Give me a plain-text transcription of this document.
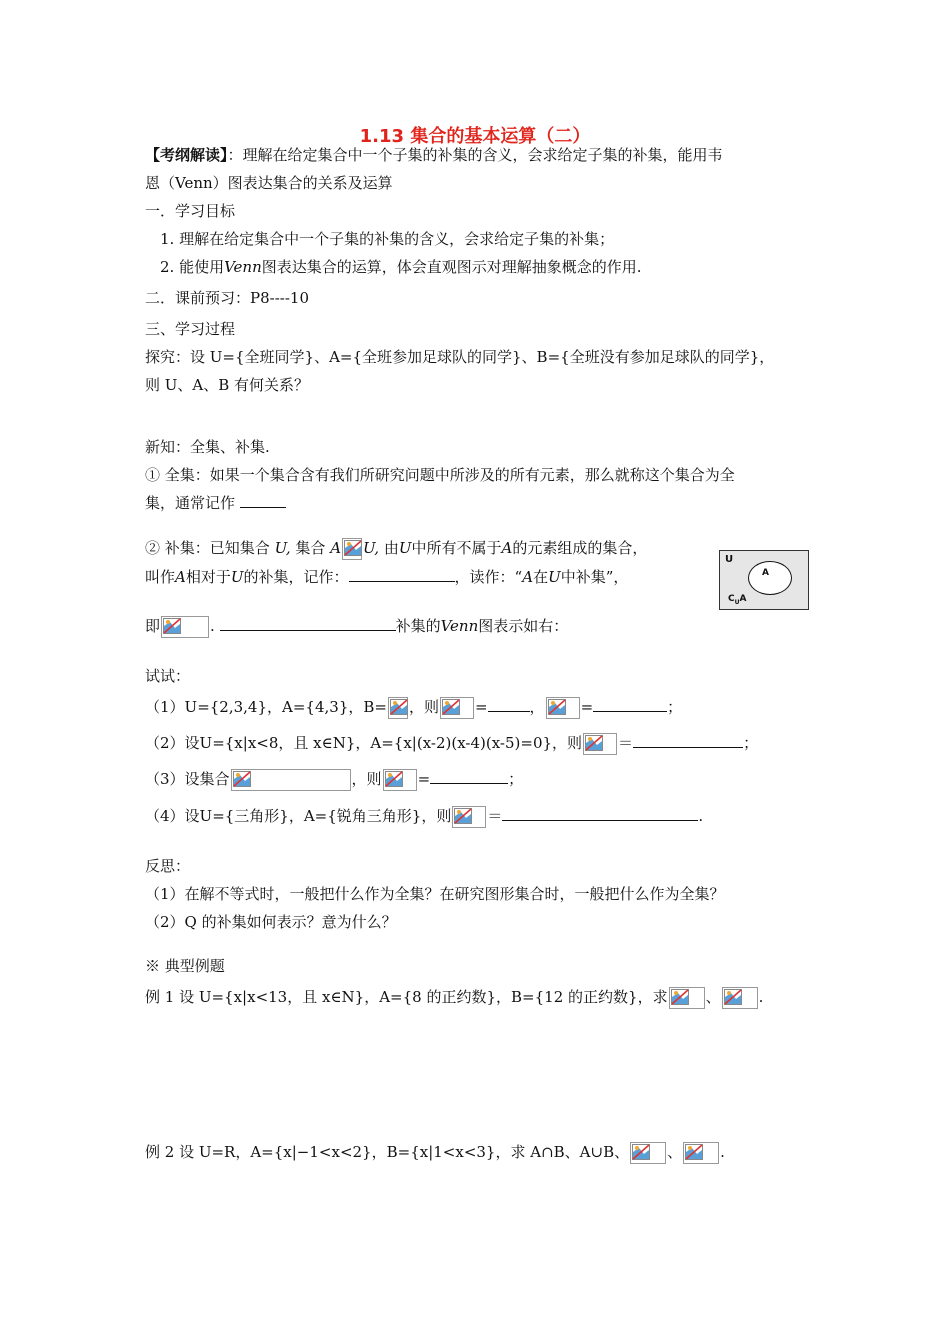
1.13 集合的基本运算（二）
【考纲解读】：理解在给定集合中一个子集的补集的含义，会求给定子集的补集，能用韦
恩（Venn）图表达集合的关系及运算
一．学习目标
1. 理解在给定集合中一个子集的补集的含义，会求给定子集的补集；
2. 能使用Venn图表达集合的运算，体会直观图示对理解抽象概念的作用.
二．课前预习：P8----10
三、学习过程
探究：设 U={全班同学}、A={全班参加足球队的同学}、B={全班没有参加足球队的同学}，
则 U、A、B 有何关系？
新知：全集、补集.
① 全集：如果一个集合含有我们所研究问题中所涉及的所有元素，那么就称这个集合为全
集，通常记作
② 补集：已知集合 U, 集合 A U, 由U中所有不属于A的元素组成的集合，
叫作A相对于U的补集，记作：	，读作：“A在U中补集”，
U
A
$C_UA$
即	.	补集的Venn图表示如右：
试试：
（1）U={2,3,4}，A={4,3}，B= ，则 =	， =	；
（2）设U={x|x<8，且 x∈N}，A={x|(x-2)(x-4)(x-5)=0}，则 ＝	；
（3）设集合	，则 =	；
（4）设U={三角形}，A={锐角三角形}，则 ＝	.
反思：
（1）在解不等式时，一般把什么作为全集？在研究图形集合时，一般把什么作为全集？
（2）Q 的补集如何表示？意为什么？
※ 典型例题
例 1 设 U={x|x<13，且 x∈N}，A={8 的正约数}，B={12 的正约数}，求	、	.
例 2 设 U=R，A={x|−1<x<2}，B={x|1<x<3}，求 A∩B、A∪B、	、	.
